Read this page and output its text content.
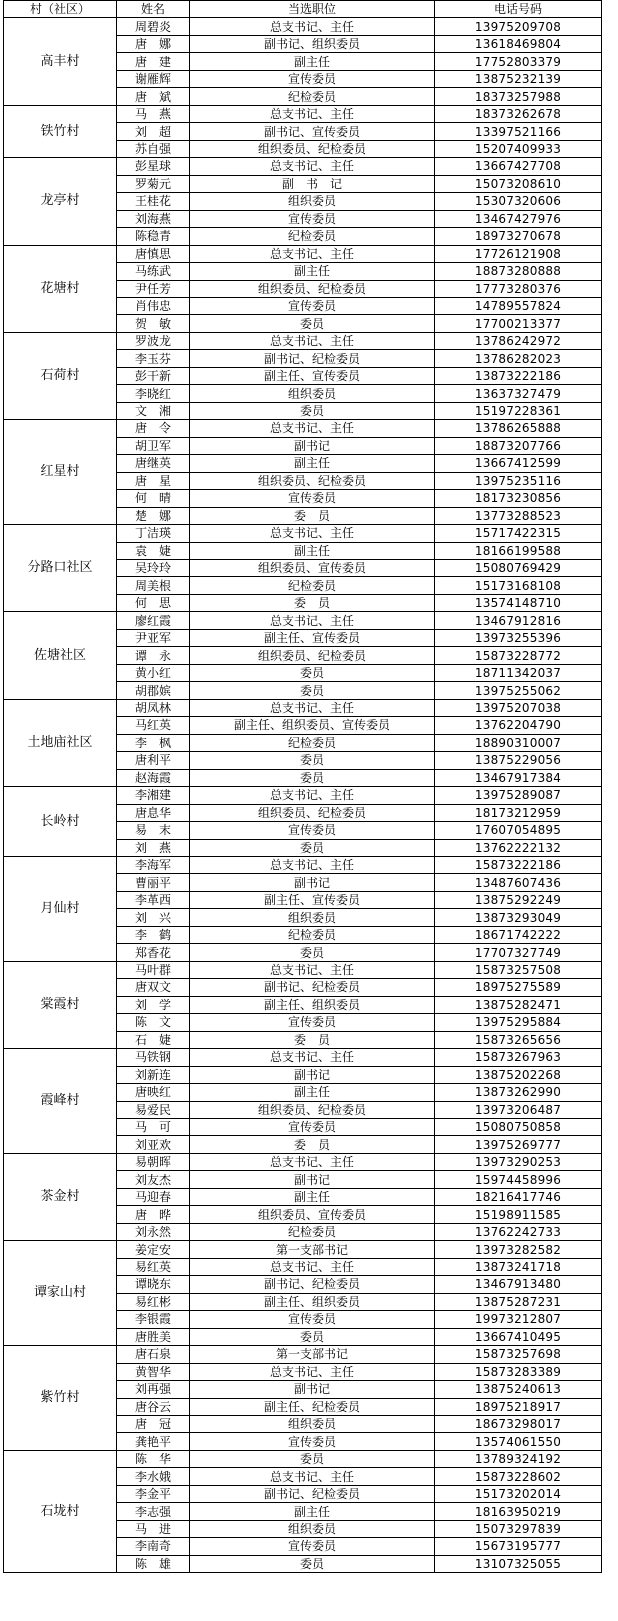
村（社区）	姓名	当选职位	电话号码
高丰村	周碧炎	总支书记、主任	13975209708
	唐　娜	副书记、组织委员	13618469804
	唐　建	副主任	17752803379
	谢雁辉	宣传委员	13875232139
	唐　斌	纪检委员	18373257988
铁竹村	马　燕	总支书记、主任	18373262678
	刘　超	副书记、宣传委员	13397521166
	苏自强	组织委员、纪检委员	15207409933
龙亭村	彭星球	总支书记、主任	13667427708
	罗菊元	副　书　记	15073208610
	王桂花	组织委员	15307320606
	刘海燕	宣传委员	13467427976
	陈稳青	纪检委员	18973270678
花塘村	唐慎思	总支书记、主任	17726121908
	马练武	副主任	18873280888
	尹任芳	组织委员、纪检委员	17773280376
	肖伟忠	宣传委员	14789557824
	贺　敏	委员	17700213377
石荷村	罗波龙	总支书记、主任	13786242972
	李玉芬	副书记、纪检委员	13786282023
	彭干新	副主任、宣传委员	13873222186
	李晓红	组织委员	13637327479
	文　湘	委员	15197228361
红星村	唐　令	总支书记、主任	13786265888
	胡卫军	副书记	18873207766
	唐继英	副主任	13667412599
	唐　星	组织委员、纪检委员	13975235116
	何　晴	宣传委员	18173230856
	楚　娜	委　员	13773288523
分路口社区	丁洁瑛	总支书记、主任	15717422315
	袁　婕	副主任	18166199588
	吴玲玲	组织委员、宣传委员	15080769429
	周美根	纪检委员	15173168108
	何　思	委　员	13574148710
佐塘社区	廖红霞	总支书记、主任	13467912816
	尹亚军	副主任、宣传委员	13973255396
	谭　永	组织委员、纪检委员	15873228772
	黄小红	委员	18711342037
	胡郡嫔	委员	13975255062
土地庙社区	胡凤林	总支书记、主任	13975207038
	马红英	副主任、组织委员、宣传委员	13762204790
	李　枫	纪检委员	18890310007
	唐利平	委员	13875229056
	赵海霞	委员	13467917384
长岭村	李湘建	总支书记、主任	13975289087
	唐息华	组织委员、纪检委员	18173212959
	易　末	宣传委员	17607054895
	刘　燕	委员	13762222132
月仙村	李海军	总支书记、主任	15873222186
	曹丽平	副书记	13487607436
	李革西	副主任、宣传委员	13875292249
	刘　兴	组织委员	13873293049
	李　鹤	纪检委员	18671742222
	郑香花	委员	17707327749
棠霞村	马叶群	总支书记、主任	15873257508
	唐双文	副书记、纪检委员	18975275589
	刘　学	副主任、组织委员	13875282471
	陈　文	宣传委员	13975295884
	石　婕	委　员	15873265656
霞峰村	马铁钢	总支书记、主任	15873267963
	刘新连	副书记	13875202268
	唐映红	副主任	13873262990
	易爱民	组织委员、纪检委员	13973206487
	马　可	宣传委员	15080750858
	刘亚欢	委　员	13975269777
茶金村	易朝晖	总支书记、主任	13973290253
	刘友杰	副书记	15974458996
	马迎春	副主任	18216417746
	唐　晔	组织委员、宣传委员	15198911585
	刘永然	纪检委员	13762242733
谭家山村	姜定安	第一支部书记	13973282582
	易红英	总支书记、主任	13873241718
	谭晓东	副书记、纪检委员	13467913480
	易红彬	副主任、组织委员	13875287231
	李银霞	宣传委员	19973212807
	唐胜美	委员	13667410495
紫竹村	唐石泉	第一支部书记	15873257698
	黄智华	总支书记、主任	15873283389
	刘再强	副书记	13875240613
	唐谷云	副主任、纪检委员	18975218917
	唐　冠	组织委员	18673298017
	龚艳平	宣传委员	13574061550
石垅村	陈　华	委员	13789324192
	李水娥	总支书记、主任	15873228602
	李金平	副书记、纪检委员	15173202014
	李志强	副主任	18163950219
	马　进	组织委员	15073297839
	李南奇	宣传委员	15673195777
	陈　雄	委员	13107325055
